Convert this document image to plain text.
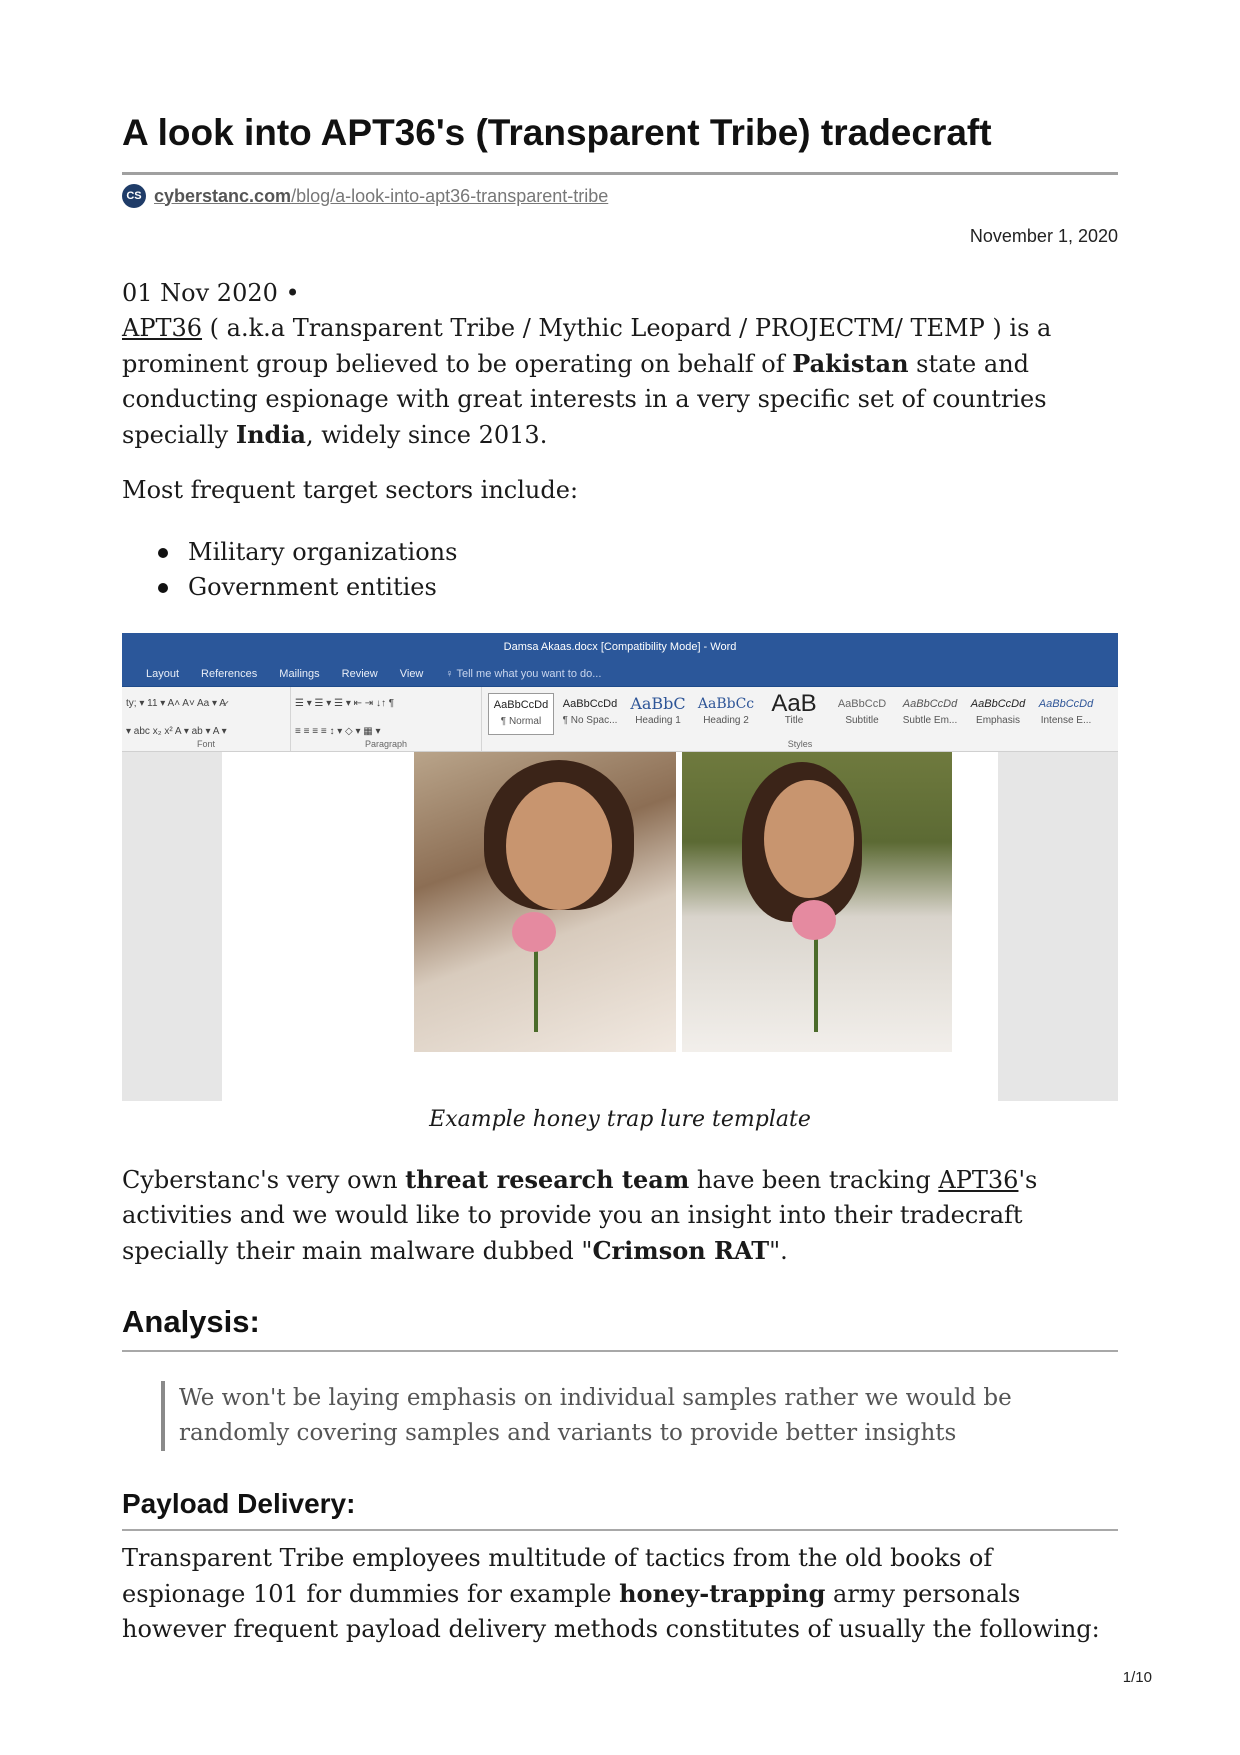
A look into APT36's (Transparent Tribe) tradecraft
CS cyberstanc.com/blog/a-look-into-apt36-transparent-tribe
November 1, 2020

01 Nov 2020 •

APT36 ( a.k.a Transparent Tribe / Mythic Leopard / PROJECTM/ TEMP ) is a prominent group believed to be operating on behalf of Pakistan state and conducting espionage with great interests in a very specific set of countries specially India, widely since 2013.

Most frequent target sectors include:
Military organizations
Government entities
Damsa Akaas.docx [Compatibility Mode] - Word
Layout References Mailings Review View ♀ Tell me what you want to do...
ty; ▾ 11 ▾ A˄ A˅ Aa ▾ A̷
▾ abc x₂ x² A ▾ ab ▾ A ▾
Font
☰ ▾ ☰ ▾ ☰ ▾ ⇤ ⇥ ↓↑ ¶
≡ ≡ ≡ ≡ ↕ ▾ ◇ ▾ ▦ ▾
Paragraph
AaBbCcDd
¶ Normal
AaBbCcDd
¶ No Spac...
AaBbC
Heading 1
AaBbCc
Heading 2
AaB
Title
AaBbCcD
Subtitle
AaBbCcDd
Subtle Em...
AaBbCcDd
Emphasis
AaBbCcDd
Intense E...
Styles
Example honey trap lure template

Cyberstanc's very own threat research team have been tracking APT36's activities and we would like to provide you an insight into their tradecraft specially their main malware dubbed "Crimson RAT".

Analysis:
We won't be laying emphasis on individual samples rather we would be randomly covering samples and variants to provide better insights
Payload Delivery:

Transparent Tribe employees multitude of tactics from the old books of espionage 101 for dummies for example honey-trapping army personals however frequent payload delivery methods constitutes of usually the following:

1/10
